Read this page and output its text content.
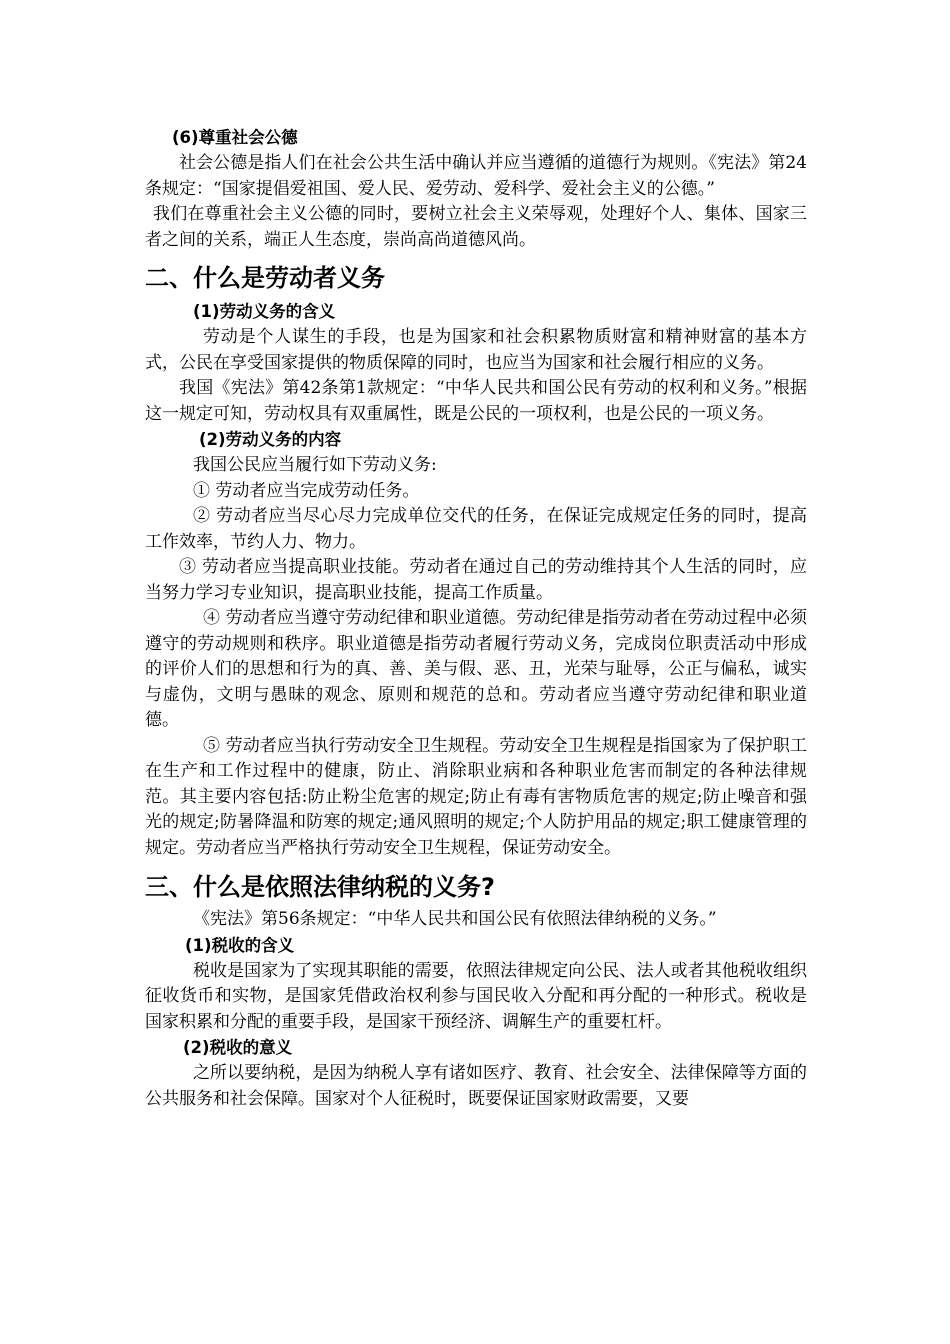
(6)尊重社会公德

社会公德是指人们在社会公共生活中确认并应当遵循的道德行为规则。《宪法》第24条规定：“国家提倡爱祖国、爱人民、爱劳动、爱科学、爱社会主义的公德。”

我们在尊重社会主义公德的同时，要树立社会主义荣辱观，处理好个人、集体、国家三者之间的关系，端正人生态度，崇尚高尚道德风尚。

二、什么是劳动者义务
(1)劳动义务的含义

劳动是个人谋生的手段，也是为国家和社会积累物质财富和精神财富的基本方式，公民在享受国家提供的物质保障的同时，也应当为国家和社会履行相应的义务。

我国《宪法》第42条第1款规定：“中华人民共和国公民有劳动的权利和义务。”根据这一规定可知，劳动权具有双重属性，既是公民的一项权利，也是公民的一项义务。

(2)劳动义务的内容

我国公民应当履行如下劳动义务:

① 劳动者应当完成劳动任务。

② 劳动者应当尽心尽力完成单位交代的任务，在保证完成规定任务的同时，提高工作效率，节约人力、物力。

③ 劳动者应当提高职业技能。劳动者在通过自己的劳动维持其个人生活的同时，应当努力学习专业知识，提高职业技能，提高工作质量。

④ 劳动者应当遵守劳动纪律和职业道德。劳动纪律是指劳动者在劳动过程中必须遵守的劳动规则和秩序。职业道德是指劳动者履行劳动义务，完成岗位职责活动中形成的评价人们的思想和行为的真、善、美与假、恶、丑，光荣与耻辱，公正与偏私，诚实与虚伪，文明与愚昧的观念、原则和规范的总和。劳动者应当遵守劳动纪律和职业道德。

⑤ 劳动者应当执行劳动安全卫生规程。劳动安全卫生规程是指国家为了保护职工在生产和工作过程中的健康，防止、消除职业病和各种职业危害而制定的各种法律规范。其主要内容包括:防止粉尘危害的规定;防止有毒有害物质危害的规定;防止噪音和强光的规定;防暑降温和防寒的规定;通风照明的规定;个人防护用品的规定;职工健康管理的规定。劳动者应当严格执行劳动安全卫生规程，保证劳动安全。

三、什么是依照法律纳税的义务?

《宪法》第56条规定：“中华人民共和国公民有依照法律纳税的义务。”

(1)税收的含义

税收是国家为了实现其职能的需要，依照法律规定向公民、法人或者其他税收组织征收货币和实物，是国家凭借政治权利参与国民收入分配和再分配的一种形式。税收是国家积累和分配的重要手段，是国家干预经济、调解生产的重要杠杆。

(2)税收的意义

之所以要纳税，是因为纳税人享有诸如医疗、教育、社会安全、法律保障等方面的公共服务和社会保障。国家对个人征税时，既要保证国家财政需要，又要
